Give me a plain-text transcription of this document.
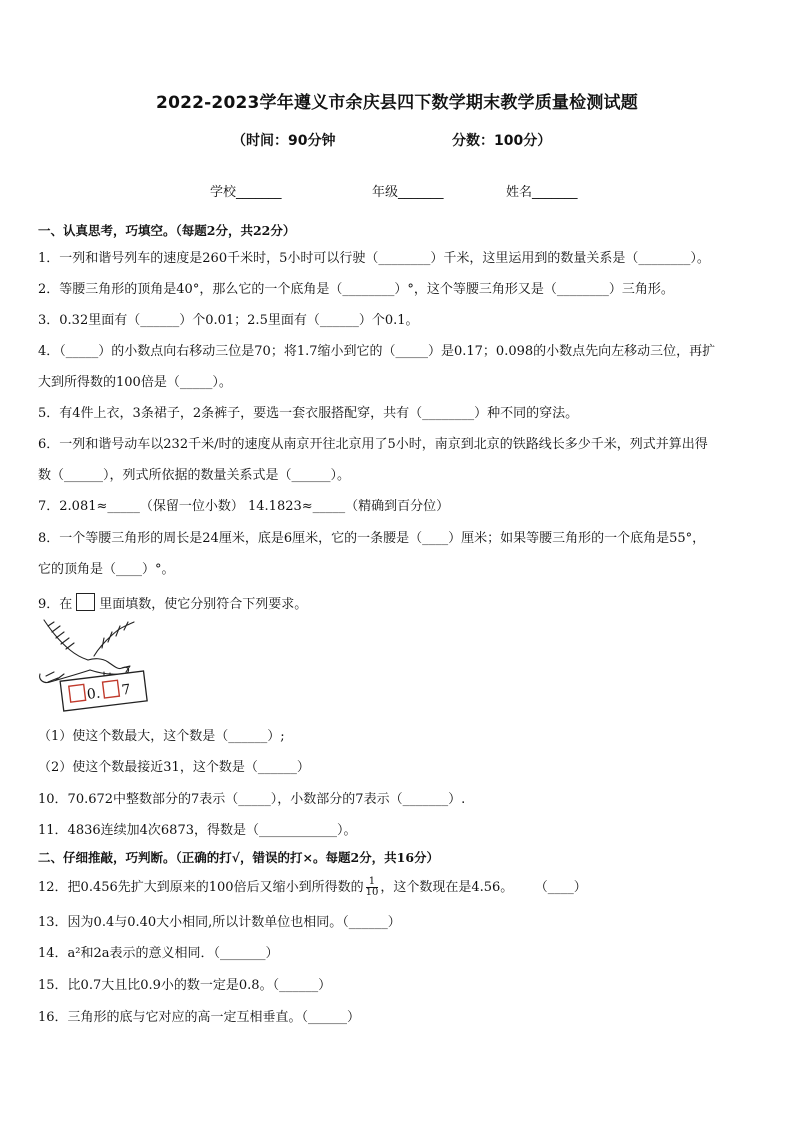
2022-2023学年遵义市余庆县四下数学期末教学质量检测试题
（时间：90分钟	分数：100分）
学校_______	年级_______	姓名_______
一、认真思考，巧填空。（每题2分，共22分）
1．一列和谐号列车的速度是260千米时，5小时可以行驶（________）千米，这里运用到的数量关系是（________）。
2．等腰三角形的顶角是40°，那么它的一个底角是（________）°，这个等腰三角形又是（________）三角形。
3．0.32里面有（______）个0.01；2.5里面有（______）个0.1。
4．（_____）的小数点向右移动三位是70；将1.7缩小到它的（_____）是0.17；0.098的小数点先向左移动三位，再扩
大到所得数的100倍是（_____）。
5．有4件上衣，3条裙子，2条裤子，要选一套衣服搭配穿，共有（________）种不同的穿法。
6．一列和谐号动车以232千米/时的速度从南京开往北京用了5小时，南京到北京的铁路线长多少千米，列式并算出得
数（______），列式所依据的数量关系式是（______）。
7．2.081≈_____（保留一位小数） 14.1823≈_____（精确到百分位）
8．一个等腰三角形的周长是24厘米，底是6厘米，它的一条腰是（____）厘米；如果等腰三角形的一个底角是55°，
它的顶角是（____）°。
9．在 里面填数，使它分别符合下列要求。
0. 7
（1）使这个数最大，这个数是（______）;
（2）使这个数最接近31，这个数是（______）
10．70.672中整数部分的7表示（_____），小数部分的7表示（_______）.
11．4836连续加4次6873，得数是（____________）。
二、仔细推敲，巧判断。（正确的打√，错误的打×。每题2分，共16分）
12．把0.456先扩大到原来的100倍后又缩小到所得数的 $\frac{1}{10}$ ，这个数现在是4.56。 （____）
13．因为0.4与0.40大小相同,所以计数单位也相同。（______）
14．a²和2a表示的意义相同．（_______）
15．比0.7大且比0.9小的数一定是0.8。（______）
16．三角形的底与它对应的高一定互相垂直。（______）
